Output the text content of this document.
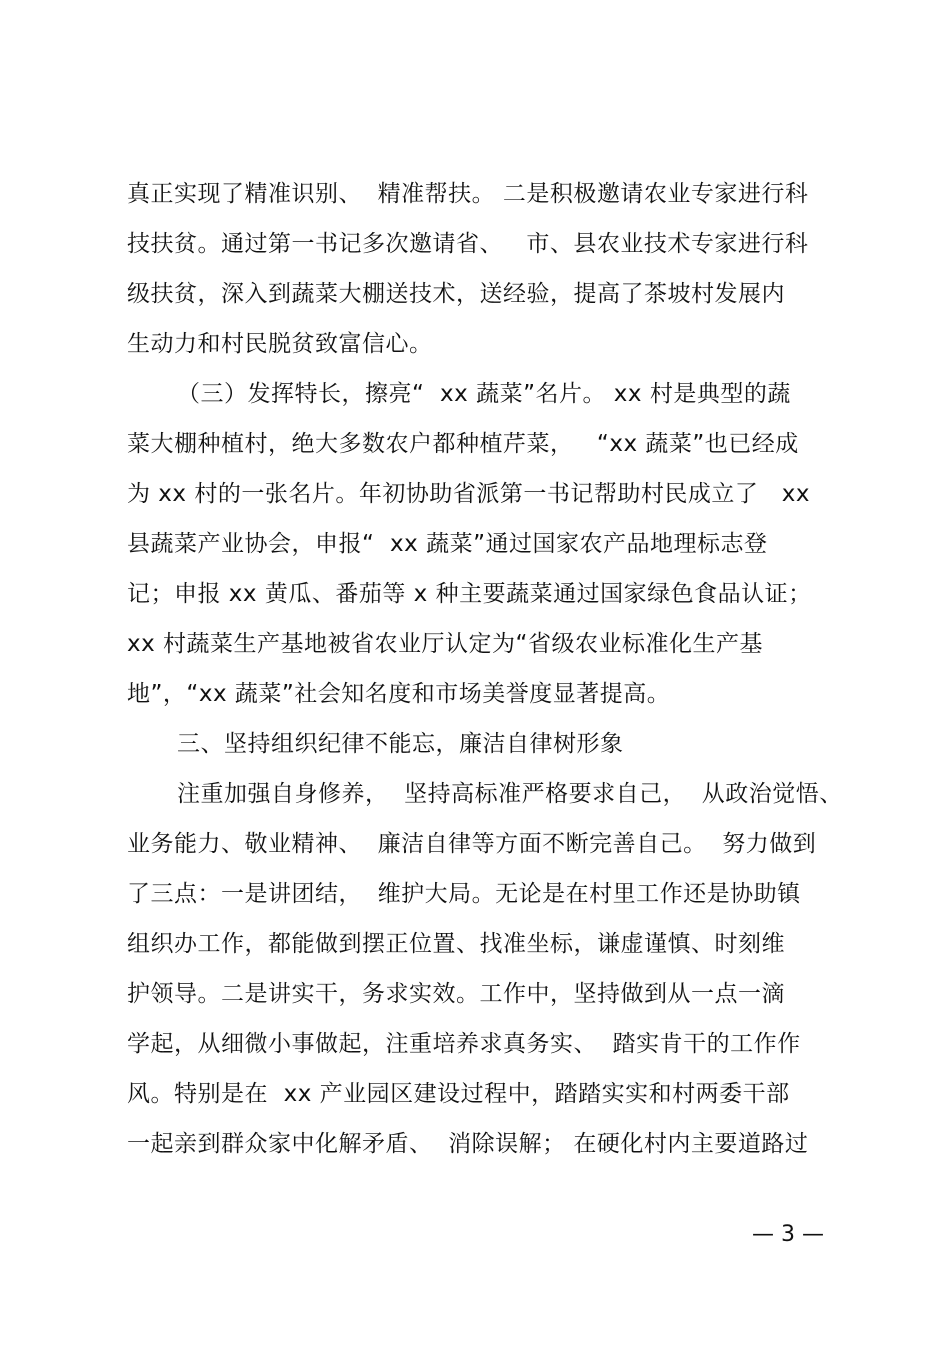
真正实现了精准识别、  精准帮扶。 二是积极邀请农业专家进行科
技扶贫。通过第一书记多次邀请省、   市、县农业技术专家进行科
级扶贫，深入到蔬菜大棚送技术，送经验，提高了茶坡村发展内
生动力和村民脱贫致富信心。
（三）发挥特长，擦亮“  xx 蔬菜”名片。 xx 村是典型的蔬
菜大棚种植村，绝大多数农户都种植芹菜，   “xx 蔬菜”也已经成
为 xx 村的一张名片。年初协助省派第一书记帮助村民成立了   xx
县蔬菜产业协会，申报“  xx 蔬菜”通过国家农产品地理标志登
记；申报 xx 黄瓜、番茄等 x 种主要蔬菜通过国家绿色食品认证；
xx 村蔬菜生产基地被省农业厅认定为“省级农业标准化生产基
地”，“xx 蔬菜”社会知名度和市场美誉度显著提高。
三、坚持组织纪律不能忘，廉洁自律树形象
注重加强自身修养，  坚持高标准严格要求自己，  从政治觉悟、
业务能力、敬业精神、  廉洁自律等方面不断完善自己。  努力做到
了三点：一是讲团结，  维护大局。无论是在村里工作还是协助镇
组织办工作，都能做到摆正位置、找准坐标，谦虚谨慎、时刻维
护领导。二是讲实干，务求实效。工作中，坚持做到从一点一滴
学起，从细微小事做起，注重培养求真务实、  踏实肯干的工作作
风。特别是在  xx 产业园区建设过程中，踏踏实实和村两委干部
一起亲到群众家中化解矛盾、  消除误解； 在硬化村内主要道路过
— 3 —
